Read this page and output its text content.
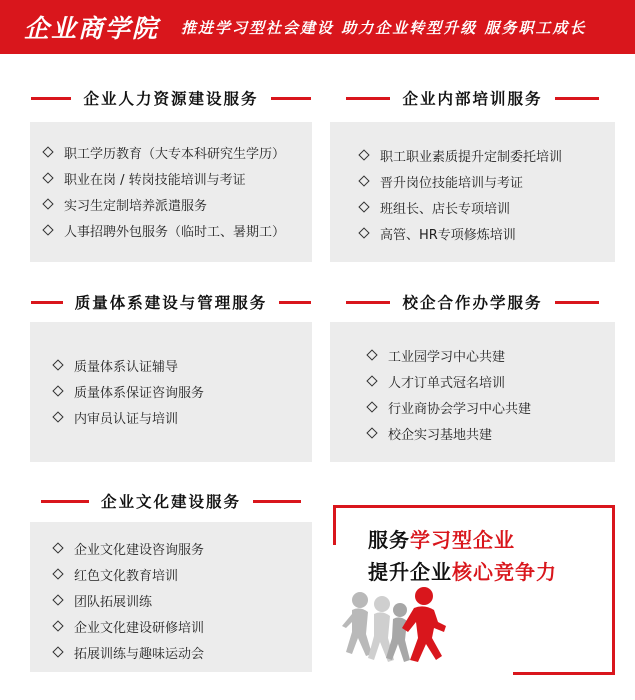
企业商学院 推进学习型社会建设 助力企业转型升级 服务职工成长
企业人力资源建设服务
职工学历教育（大专本科研究生学历）
职业在岗 / 转岗技能培训与考证
实习生定制培养派遣服务
人事招聘外包服务（临时工、暑期工）
企业内部培训服务
职工职业素质提升定制委托培训
晋升岗位技能培训与考证
班组长、店长专项培训
高管、HR专项修炼培训
质量体系建设与管理服务
质量体系认证辅导
质量体系保证咨询服务
内审员认证与培训
校企合作办学服务
工业园学习中心共建
人才订单式冠名培训
行业商协会学习中心共建
校企实习基地共建
企业文化建设服务
企业文化建设咨询服务
红色文化教育培训
团队拓展训练
企业文化建设研修培训
拓展训练与趣味运动会
服务学习型企业
提升企业核心竞争力
